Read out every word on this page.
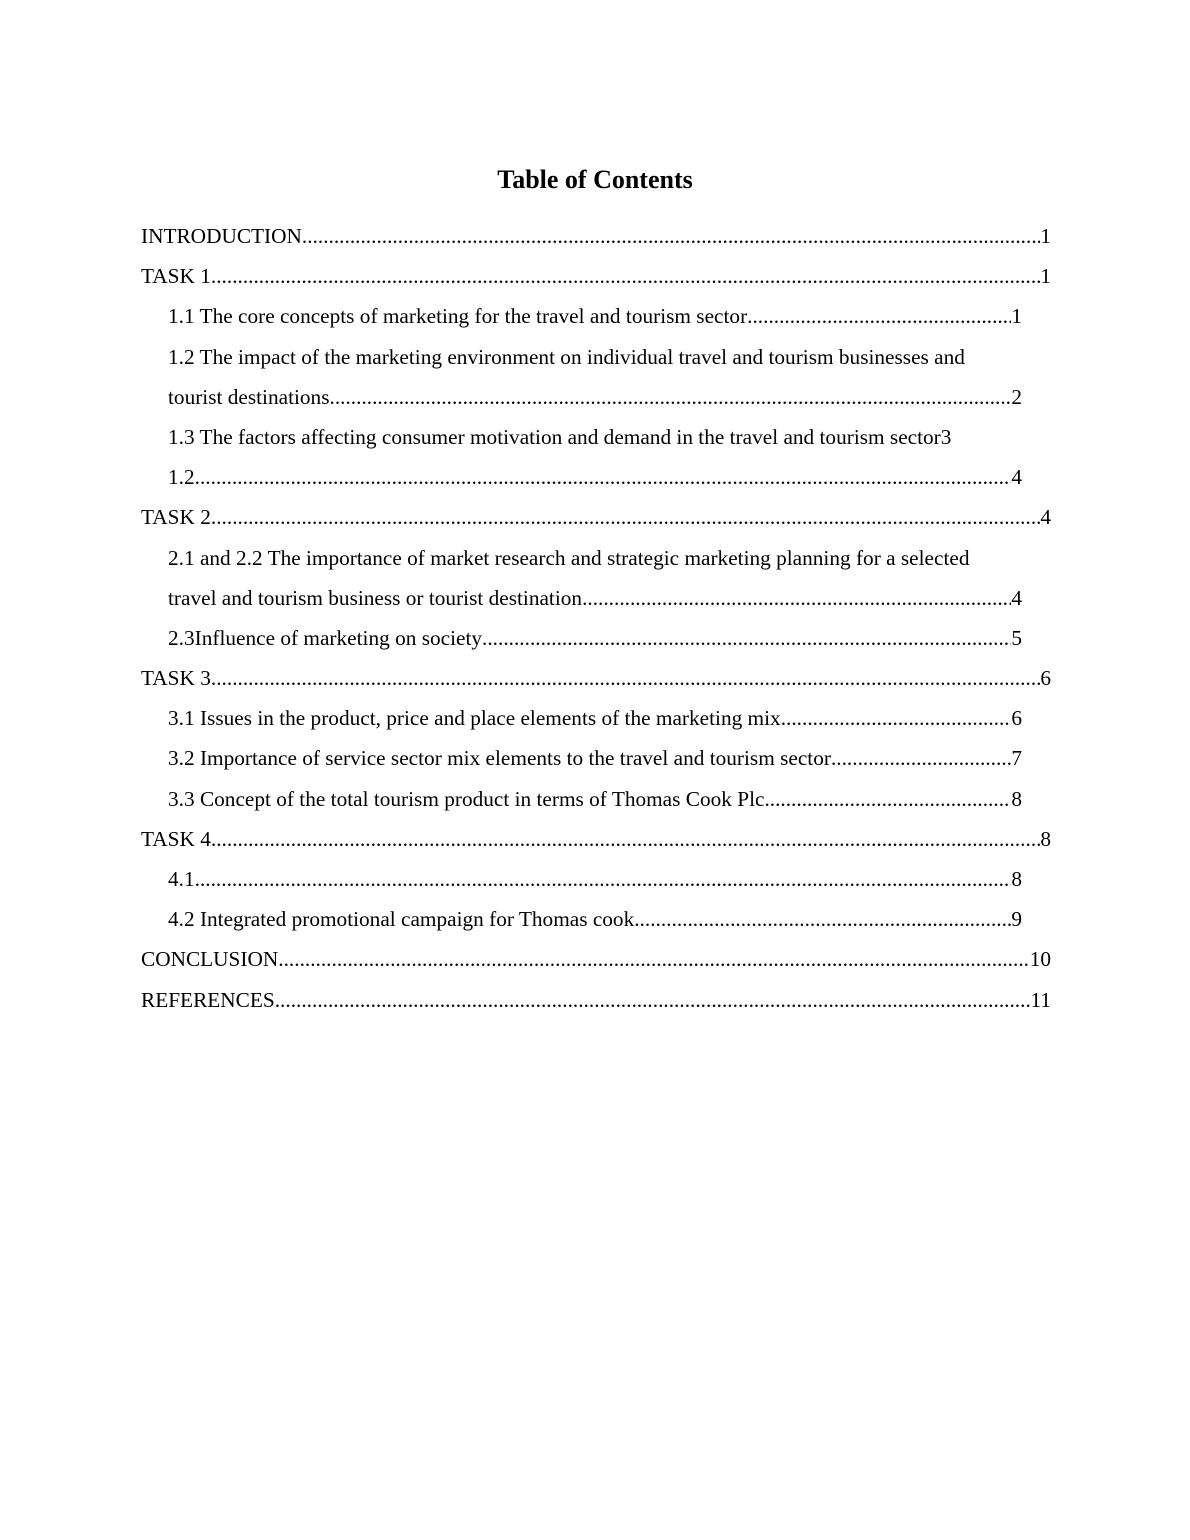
Table of Contents
INTRODUCTION .....	1
TASK 1 .....	1
1.1 The core concepts of marketing for the travel and tourism sector .....	1
1.2 The impact of the marketing environment on individual travel and tourism businesses and
tourist destinations .....	2
1.3 The factors affecting consumer motivation and demand in the travel and tourism sector3
1.2 .....	4
TASK 2 .....	4
2.1 and 2.2 The importance of market research and strategic marketing planning for a selected
travel and tourism business or tourist destination .....	4
2.3Influence of marketing on society .....	5
TASK 3 .....	6
3.1 Issues in the product, price and place elements of the marketing mix .....	6
3.2 Importance of service sector mix elements to the travel and tourism sector .....	7
3.3 Concept of the total tourism product in terms of Thomas Cook Plc .....	8
TASK 4 .....	8
4.1 .....	8
4.2 Integrated promotional campaign for Thomas cook .....	9
CONCLUSION .....	10
REFERENCES .....	11
